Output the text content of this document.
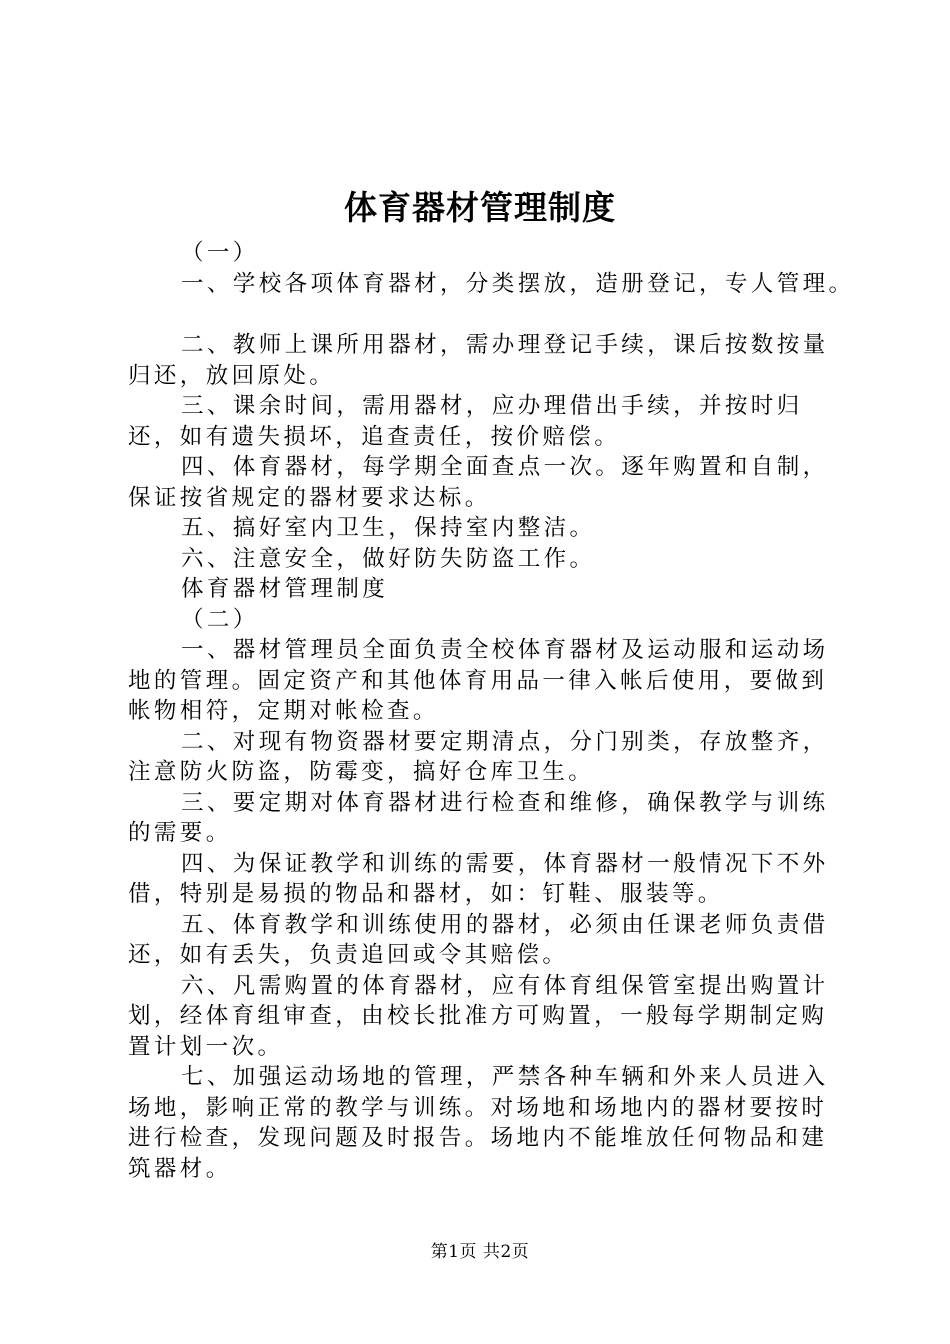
体育器材管理制度

（一）

一、学校各项体育器材，分类摆放，造册登记，专人管理。

二、教师上课所用器材，需办理登记手续，课后按数按量归还，放回原处。

三、课余时间，需用器材，应办理借出手续，并按时归还，如有遗失损坏，追查责任，按价赔偿。

四、体育器材，每学期全面查点一次。逐年购置和自制，保证按省规定的器材要求达标。

五、搞好室内卫生，保持室内整洁。

六、注意安全，做好防失防盗工作。

体育器材管理制度

（二）

一、器材管理员全面负责全校体育器材及运动服和运动场地的管理。固定资产和其他体育用品一律入帐后使用，要做到帐物相符，定期对帐检查。

二、对现有物资器材要定期清点，分门别类，存放整齐，注意防火防盗，防霉变，搞好仓库卫生。

三、要定期对体育器材进行检查和维修，确保教学与训练的需要。

四、为保证教学和训练的需要，体育器材一般情况下不外借，特别是易损的物品和器材，如：钉鞋、服装等。

五、体育教学和训练使用的器材，必须由任课老师负责借还，如有丢失，负责追回或令其赔偿。

六、凡需购置的体育器材，应有体育组保管室提出购置计划，经体育组审查，由校长批准方可购置，一般每学期制定购置计划一次。

七、加强运动场地的管理，严禁各种车辆和外来人员进入场地，影响正常的教学与训练。对场地和场地内的器材要按时进行检查，发现问题及时报告。场地内不能堆放任何物品和建筑器材。

第1页 共2页
